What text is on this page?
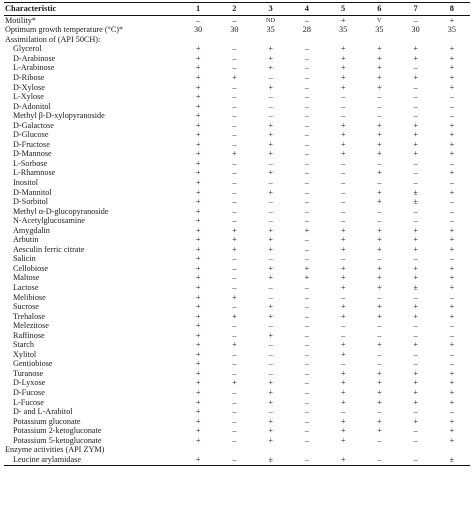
Characteristic	1	2	3	4	5	6	7	8
Motility*	–	–	ND	–	+	V	–	+
Optimum growth temperature (°C)*	30	30	35	28	35	35	30	35
Assimilation of (API 50CH):								
Glycerol	+	–	+	–	+	+	+	+
D-Arabinose	+	–	+	–	+	+	+	+
L-Arabinose	+	–	+	–	+	+	–	+
D-Ribose	+	+	–	–	+	+	+	+
D-Xylose	+	–	+	–	+	+	–	+
L-Xylose	+	–	–	–	–	–	–	–
D-Adonitol	+	–	–	–	–	–	–	–
Methyl β-D-xylopyranoside	+	–	–	–	–	–	–	–
D-Galactose	+	–	+	–	+	+	+	+
D-Glucose	+	–	+	–	+	+	+	+
D-Fructose	+	–	+	–	+	+	+	+
D-Mannose	+	+	+	–	+	+	+	+
L-Sorbose	+	–	–	–	–	–	–	–
L-Rhamnose	+	–	+	–	–	+	–	+
Inositol	+	–	–	–	–	–	–	–
D-Mannitol	+	–	+	–	–	+	±	+
D-Sorbitol	+	–	–	–	–	+	±	–
Methyl α-D-glucopyranoside	+	–	–	–	–	–	–	–
N-Acetylglucosamine	+	–	–	–	–	–	–	–
Amygdalin	+	+	+	+	+	+	+	+
Arbutin	+	+	+	–	+	+	+	+
Aesculin ferric citrate	+	+	+	–	+	+	+	+
Salicin	+	–	–	–	–	–	–	–
Cellobiose	+	–	+	+	+	+	+	+
Maltose	+	–	+	+	+	+	+	+
Lactose	+	–	–	–	+	+	±	+
Melibiose	+	+	–	–	–	–	–	–
Sucrose	+	–	+	–	+	+	+	+
Trehalose	+	+	+	–	+	+	+	+
Melezitose	+	–	–	–	–	–	–	–
Raffinose	+	–	+	–	–	–	–	–
Starch	+	+	–	–	+	+	+	+
Xylitol	+	–	–	–	+	–	–	–
Gentiobiose	+	–	–	–	–	–	–	–
Turanose	+	–	–	–	+	+	+	+
D-Lyxose	+	+	+	–	+	+	+	+
D-Fucose	+	–	+	–	+	+	+	+
L-Fucose	+	–	+	–	+	+	+	+
D- and L-Arabitol	+	–	–	–	–	–	–	–
Potassium gluconate	+	–	+	–	+	+	+	+
Potassium 2-ketogluconate	+	–	+	–	+	+	–	+
Potassium 5-ketogluconate	+	–	+	–	+	–	–	+
Enzyme activities (API ZYM)								
Leucine arylamidase	+	–	±	–	+	–	–	±
